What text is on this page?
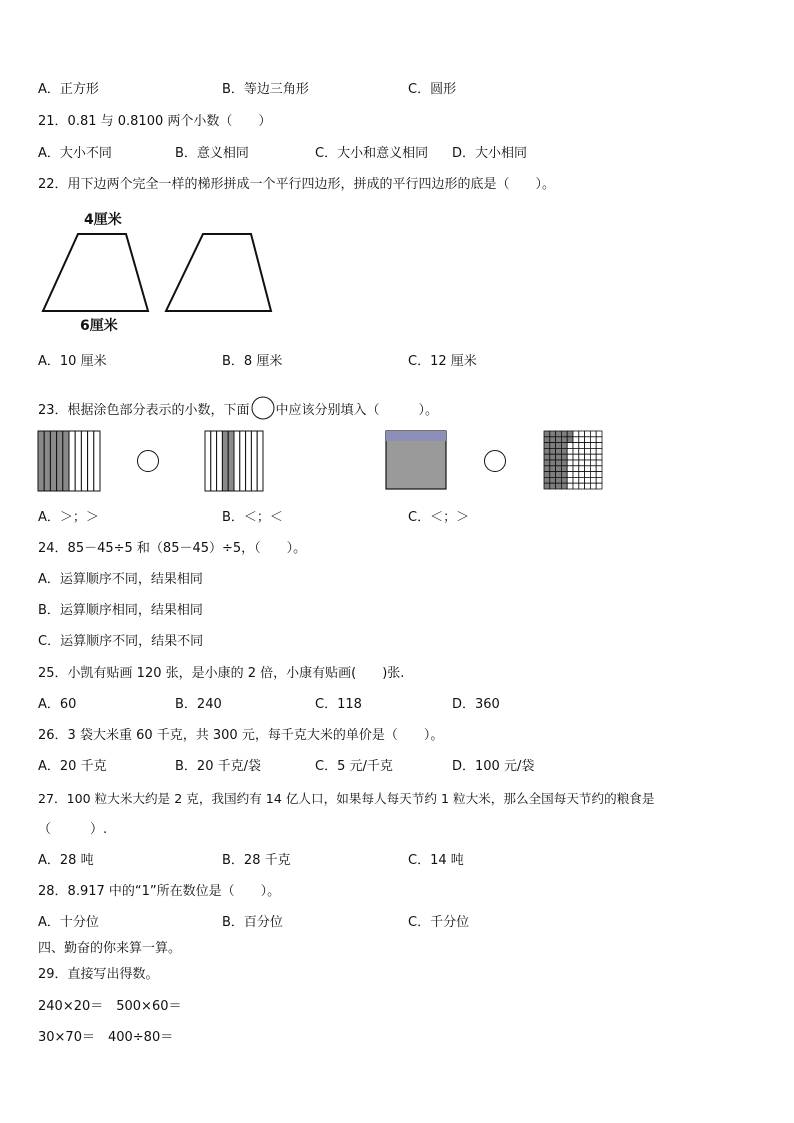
A．正方形	B．等边三角形	C．圆形
21．0.81 与 0.8100 两个小数（　　）
A．大小不同	B．意义相同	C．大小和意义相同 D．大小相同
22．用下边两个完全一样的梯形拼成一个平行四边形，拼成的平行四边形的底是（　　）。
4厘米
6厘米
A．10 厘米	B．8 厘米	C．12 厘米
23．根据涂色部分表示的小数，下面 中应该分别填入（　　　）。
A．＞；＞	B．＜；＜	C．＜；＞
24．85－45÷5 和（85－45）÷5，（　　）。
A．运算顺序不同，结果相同
B．运算顺序相同，结果相同
C．运算顺序不同，结果不同
25．小凯有贴画 120 张，是小康的 2 倍，小康有贴画(　　)张.
A．60	B．240	C．118	D．360
26．3 袋大米重 60 千克，共 300 元，每千克大米的单价是（　　）。
A．20 千克	B．20 千克/袋	C．5 元/千克	D．100 元/袋
27．100 粒大米大约是 2 克，我国约有 14 亿人口，如果每人每天节约 1 粒大米，那么全国每天节约的粮食是
（　　　）.
A．28 吨	B．28 千克	C．14 吨
28．8.917 中的“1”所在数位是（　　）。
A．十分位	B．百分位	C．千分位
四、勤奋的你来算一算。
29．直接写出得数。
240×20＝　500×60＝
30×70＝　400÷80＝
